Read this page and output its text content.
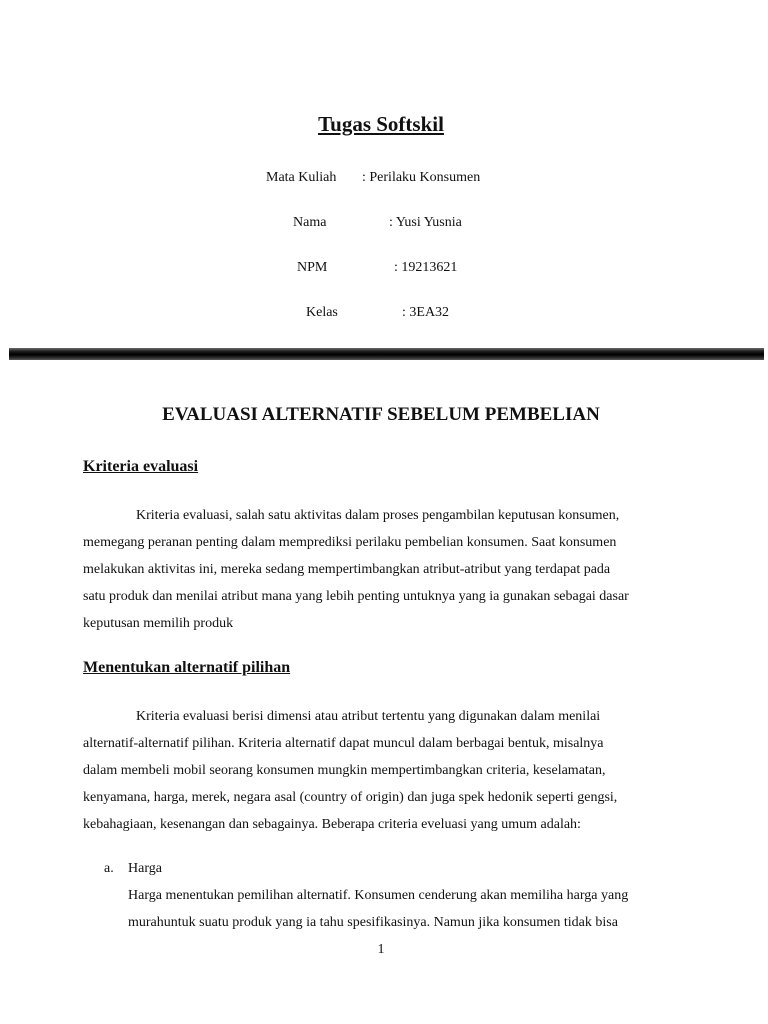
Tugas Softskil
Mata Kuliah : Perilaku Konsumen
Nama	: Yusi Yusnia
NPM	: 19213621
Kelas	: 3EA32
EVALUASI ALTERNATIF SEBELUM PEMBELIAN
Kriteria evaluasi
Kriteria evaluasi, salah satu aktivitas dalam proses pengambilan keputusan konsumen,
memegang peranan penting dalam memprediksi perilaku pembelian konsumen. Saat konsumen
melakukan aktivitas ini, mereka sedang mempertimbangkan atribut-atribut yang terdapat pada
satu produk dan menilai atribut mana yang lebih penting untuknya yang ia gunakan sebagai dasar
keputusan memilih produk
Menentukan alternatif pilihan
Kriteria evaluasi berisi dimensi atau atribut tertentu yang digunakan dalam menilai
alternatif-alternatif pilihan. Kriteria alternatif dapat muncul dalam berbagai bentuk, misalnya
dalam membeli mobil seorang konsumen mungkin mempertimbangkan criteria, keselamatan,
kenyamana, harga, merek, negara asal (country of origin) dan juga spek hedonik seperti gengsi,
kebahagiaan, kesenangan dan sebagainya. Beberapa criteria eveluasi yang umum adalah:
a. Harga
Harga menentukan pemilihan alternatif. Konsumen cenderung akan memiliha harga yang
murahuntuk suatu produk yang ia tahu spesifikasinya. Namun jika konsumen tidak bisa
1
